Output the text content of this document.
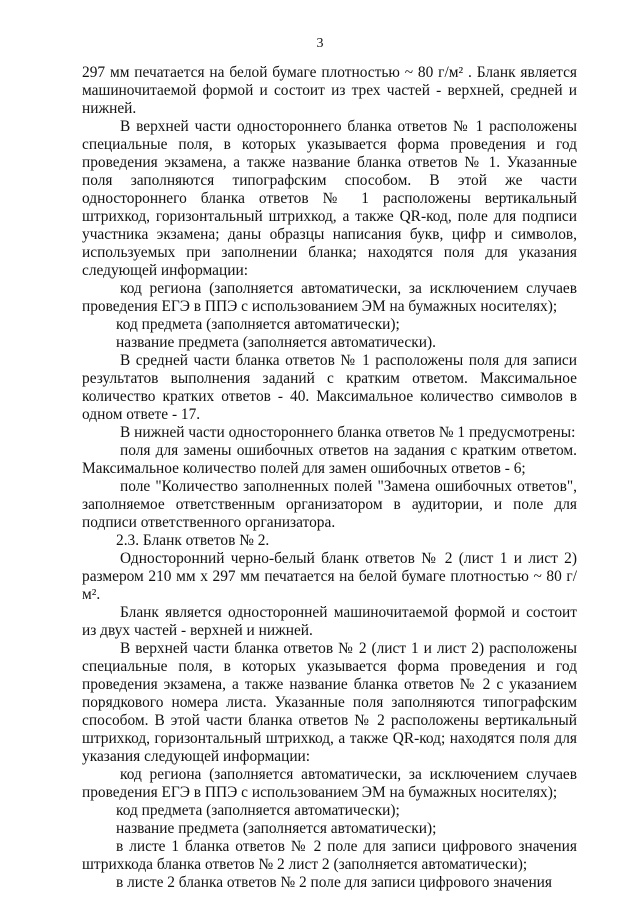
3

297 мм печатается на белой бумаге плотностью ~ 80 г/м² . Бланк является машиночитаемой формой и состоит из трех частей - верхней, средней и нижней.

В верхней части одностороннего бланка ответов № 1 расположены специальные поля, в которых указывается форма проведения и год проведения экзамена, а также название бланка ответов № 1. Указанные поля заполняются типографским способом. В этой же части одностороннего бланка ответов № 1 расположены вертикальный штрихкод, горизонтальный штрихкод, а также QR-код, поле для подписи участника экзамена; даны образцы написания букв, цифр и символов, используемых при заполнении бланка; находятся поля для указания следующей информации:

код региона (заполняется автоматически, за исключением случаев проведения ЕГЭ в ППЭ с использованием ЭМ на бумажных носителях);

код предмета (заполняется автоматически);

название предмета (заполняется автоматически).

В средней части бланка ответов № 1 расположены поля для записи результатов выполнения заданий с кратким ответом. Максимальное количество кратких ответов - 40. Максимальное количество символов в одном ответе - 17.

В нижней части одностороннего бланка ответов № 1 предусмотрены:

поля для замены ошибочных ответов на задания с кратким ответом. Максимальное количество полей для замен ошибочных ответов - 6;

поле "Количество заполненных полей "Замена ошибочных ответов", заполняемое ответственным организатором в аудитории, и поле для подписи ответственного организатора.

2.3. Бланк ответов № 2.

Односторонний черно-белый бланк ответов № 2 (лист 1 и лист 2) размером 210 мм х 297 мм печатается на белой бумаге плотностью ~ 80 г/м².

Бланк является односторонней машиночитаемой формой и состоит из двух частей - верхней и нижней.

В верхней части бланка ответов № 2 (лист 1 и лист 2) расположены специальные поля, в которых указывается форма проведения и год проведения экзамена, а также название бланка ответов № 2 с указанием порядкового номера листа. Указанные поля заполняются типографским способом. В этой части бланка ответов № 2 расположены вертикальный штрихкод, горизонтальный штрихкод, а также QR-код; находятся поля для указания следующей информации:

код региона (заполняется автоматически, за исключением случаев проведения ЕГЭ в ППЭ с использованием ЭМ на бумажных носителях);

код предмета (заполняется автоматически);

название предмета (заполняется автоматически);

в листе 1 бланка ответов № 2 поле для записи цифрового значения штрихкода бланка ответов № 2 лист 2 (заполняется автоматически);

в листе 2 бланка ответов № 2 поле для записи цифрового значения
